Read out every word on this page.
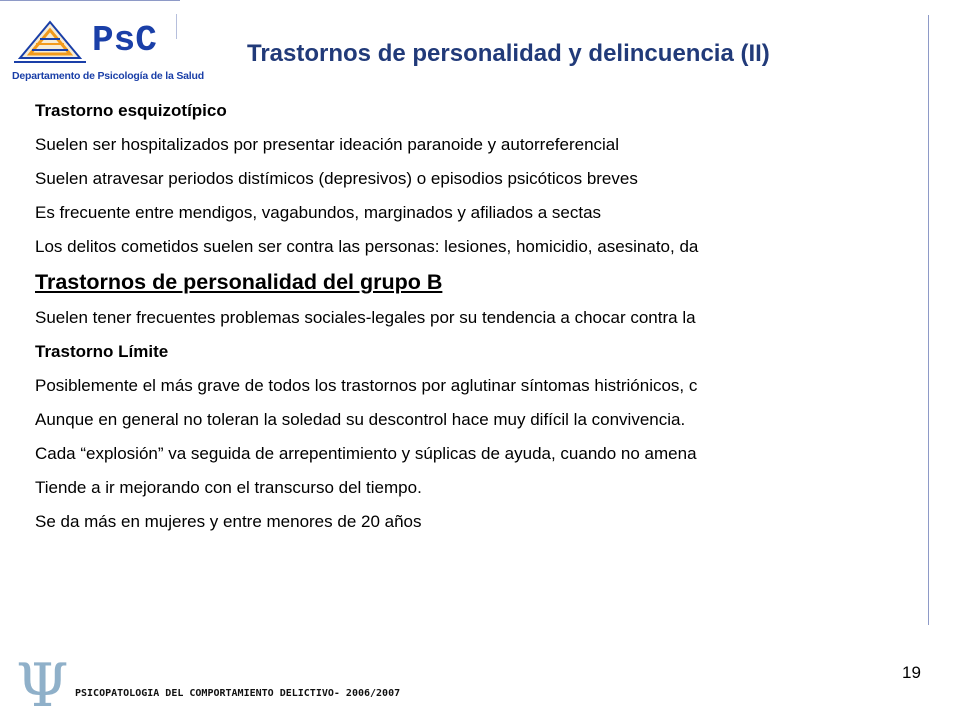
PsC
Departamento de Psicología de la Salud
Trastornos de personalidad y delincuencia (II)
Trastorno esquizotípico
Suelen ser hospitalizados por presentar ideación paranoide y autorreferencial
Suelen atravesar periodos distímicos (depresivos) o episodios psicóticos breves
Es frecuente entre mendigos, vagabundos, marginados y afiliados a sectas
Los delitos cometidos suelen ser contra las personas: lesiones, homicidio, asesinato, da
Trastornos de personalidad del grupo B
Suelen tener frecuentes problemas sociales-legales por su tendencia a chocar contra la
Trastorno Límite
Posiblemente el más grave de todos los trastornos por aglutinar síntomas histriónicos, c
Aunque en general no toleran la soledad su descontrol hace muy difícil la convivencia.
Cada “explosión” va seguida de arrepentimiento y súplicas de ayuda, cuando no amena
Tiende a ir mejorando con el transcurso del tiempo.
Se da más en mujeres y entre menores de 20 años
19
Ψ PSICOPATOLOGIA DEL COMPORTAMIENTO DELICTIVO- 2006/2007
